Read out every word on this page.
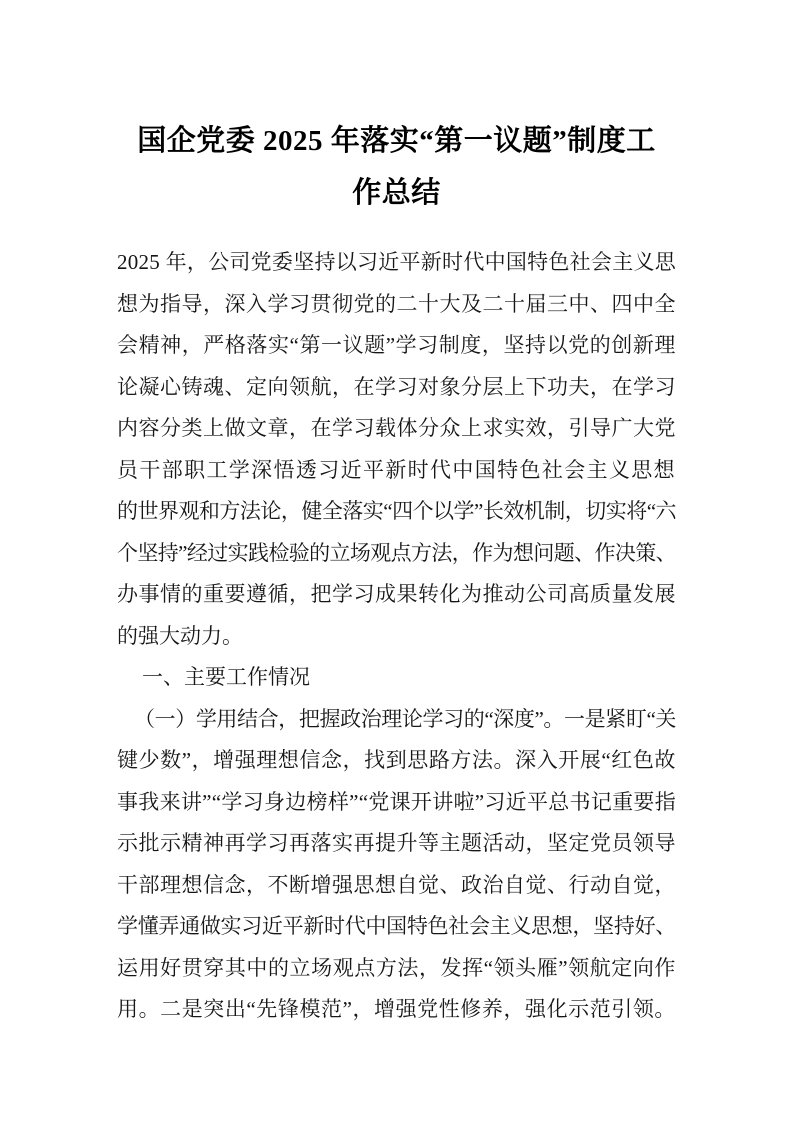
国企党委 2025 年落实“第一议题”制度工
作总结
2025 年，公司党委坚持以习近平新时代中国特色社会主义思
想为指导，深入学习贯彻党的二十大及二十届三中、四中全
会精神，严格落实“第一议题”学习制度，坚持以党的创新理
论凝心铸魂、定向领航，在学习对象分层上下功夫，在学习
内容分类上做文章，在学习载体分众上求实效，引导广大党
员干部职工学深悟透习近平新时代中国特色社会主义思想
的世界观和方法论，健全落实“四个以学”长效机制，切实将“六
个坚持”经过实践检验的立场观点方法，作为想问题、作决策、
办事情的重要遵循，把学习成果转化为推动公司高质量发展
的强大动力。
一、主要工作情况
（一）学用结合，把握政治理论学习的“深度”。一是紧盯“关
键少数”，增强理想信念，找到思路方法。深入开展“红色故
事我来讲”“学习身边榜样”“党课开讲啦”习近平总书记重要指
示批示精神再学习再落实再提升等主题活动，坚定党员领导
干部理想信念，不断增强思想自觉、政治自觉、行动自觉，
学懂弄通做实习近平新时代中国特色社会主义思想，坚持好、
运用好贯穿其中的立场观点方法，发挥“领头雁”领航定向作
用。二是突出“先锋模范”，增强党性修养，强化示范引领。
